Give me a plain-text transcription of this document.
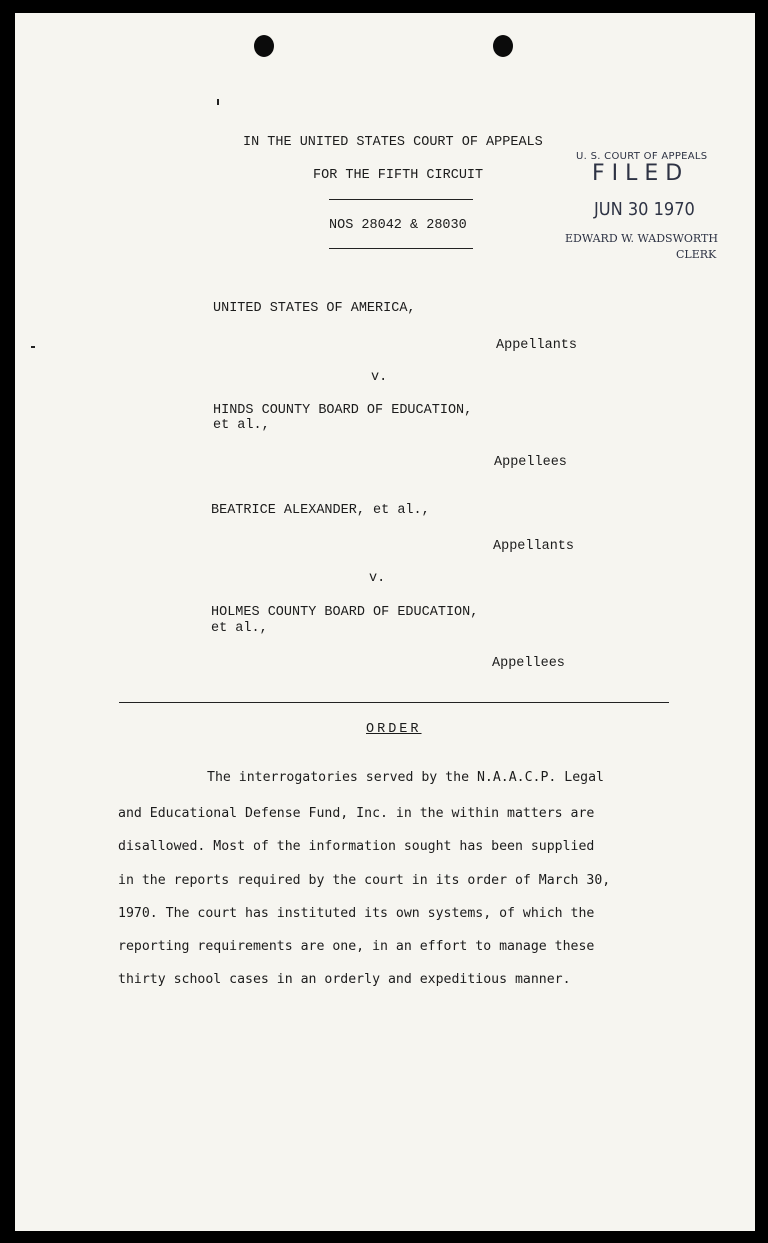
IN THE UNITED STATES COURT OF APPEALS

FOR THE FIFTH CIRCUIT

NOS 28042 & 28030

U. S. COURT OF APPEALS

FILED

JUN 30 1970

EDWARD W. WADSWORTH

CLERK

UNITED STATES OF AMERICA,

Appellants

v.

HINDS COUNTY BOARD OF EDUCATION,

et al.,

Appellees

BEATRICE ALEXANDER, et al.,

Appellants

v.

HOLMES COUNTY BOARD OF EDUCATION,

et al.,

Appellees

ORDER

The interrogatories served by the N.A.A.C.P. Legal

and Educational Defense Fund, Inc. in the within matters are

disallowed. Most of the information sought has been supplied

in the reports required by the court in its order of March 30,

1970. The court has instituted its own systems, of which the

reporting requirements are one, in an effort to manage these

thirty school cases in an orderly and expeditious manner.
